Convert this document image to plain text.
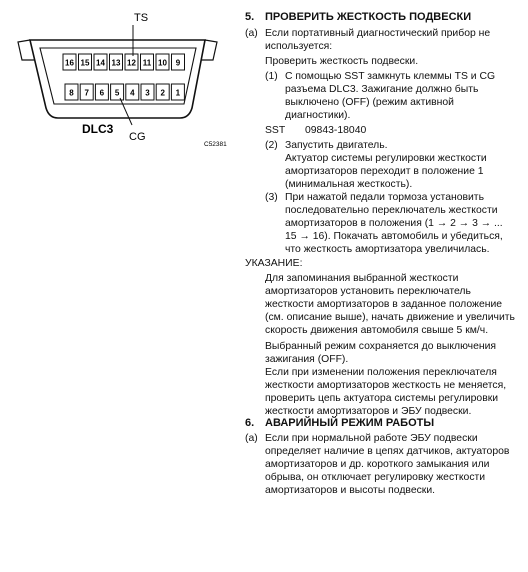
TS
16 15 14 13 12 11 10 9
8 7 6 5 4 3 2 1
DLC3
CG
C52381
5. ПРОВЕРИТЬ ЖЕСТКОСТЬ ПОДВЕСКИ
(a) Если портативный диагностический прибор не
используется:
Проверить жесткость подвески.
(1) С помощью SST замкнуть клеммы TS и CG
разъема DLC3. Зажигание должно быть
выключено (OFF) (режим активной
диагностики).
SST 09843-18040
(2) Запустить двигатель.
Актуатор системы регулировки жесткости
амортизаторов переходит в положение 1
(минимальная жесткость).
(3) При нажатой педали тормоза установить
последовательно переключатель жесткости
амортизаторов в положения (1 → 2 → 3 → ...
15 → 16). Покачать автомобиль и убедиться,
что жесткость амортизатора увеличилась.
УКАЗАНИЕ:
Для запоминания выбранной жесткости
амортизаторов установить переключатель
жесткости амортизаторов в заданное положение
(см. описание выше), начать движение и увеличить
скорость движения автомобиля свыше 5 км/ч.
Выбранный режим сохраняется до выключения
зажигания (OFF).
Если при изменении положения переключателя
жесткости амортизаторов жесткость не меняется,
проверить цепь актуатора системы регулировки
жесткости амортизаторов и ЭБУ подвески.
6. АВАРИЙНЫЙ РЕЖИМ РАБОТЫ
(a) Если при нормальной работе ЭБУ подвески
определяет наличие в цепях датчиков, актуаторов
амортизаторов и др. короткого замыкания или
обрыва, он отключает регулировку жесткости
амортизаторов и высоты подвески.
